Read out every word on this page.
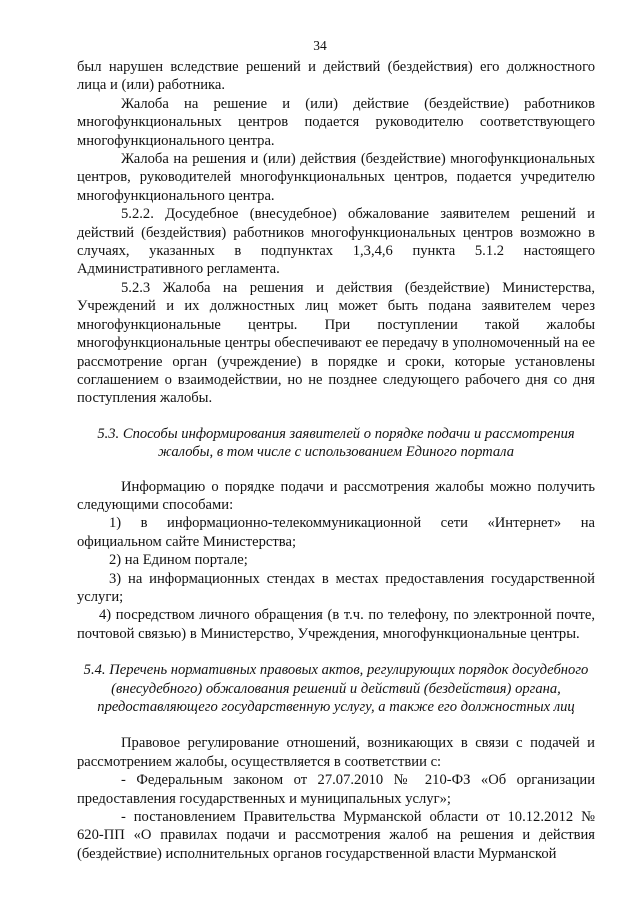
34

был нарушен вследствие решений и действий (бездействия) его должностного лица и (или) работника.

Жалоба на решение и (или) действие (бездействие) работников многофункциональных центров подается руководителю соответствующего многофункционального центра.

Жалоба на решения и (или) действия (бездействие) многофункциональных центров, руководителей многофункциональных центров, подается учредителю многофункционального центра.

5.2.2. Досудебное (внесудебное) обжалование заявителем решений и действий (бездействия) работников многофункциональных центров возможно в случаях, указанных в подпунктах 1,3,4,6 пункта 5.1.2 настоящего Административного регламента.

5.2.3 Жалоба на решения и действия (бездействие) Министерства, Учреждений и их должностных лиц может быть подана заявителем через многофункциональные центры. При поступлении такой жалобы многофункциональные центры обеспечивают ее передачу в уполномоченный на ее рассмотрение орган (учреждение) в порядке и сроки, которые установлены соглашением о взаимодействии, но не позднее следующего рабочего дня со дня поступления жалобы.

5.3. Способы информирования заявителей о порядке подачи и рассмотрения жалобы, в том числе с использованием Единого портала

Информацию о порядке подачи и рассмотрения жалобы можно получить следующими способами:

1) в информационно-телекоммуникационной сети «Интернет» на официальном сайте Министерства;

2) на Едином портале;

3) на информационных стендах в местах предоставления государственной услуги;

4) посредством личного обращения (в т.ч. по телефону, по электронной почте, почтовой связью) в Министерство, Учреждения, многофункциональные центры.

5.4. Перечень нормативных правовых актов, регулирующих порядок досудебного (внесудебного) обжалования решений и действий (бездействия) органа, предоставляющего государственную услугу, а также его должностных лиц

Правовое регулирование отношений, возникающих в связи с подачей и рассмотрением жалобы, осуществляется в соответствии с:

- Федеральным законом от 27.07.2010 № 210-ФЗ «Об организации предоставления государственных и муниципальных услуг»;

- постановлением Правительства Мурманской области от 10.12.2012 № 620-ПП «О правилах подачи и рассмотрения жалоб на решения и действия (бездействие) исполнительных органов государственной власти Мурманской
